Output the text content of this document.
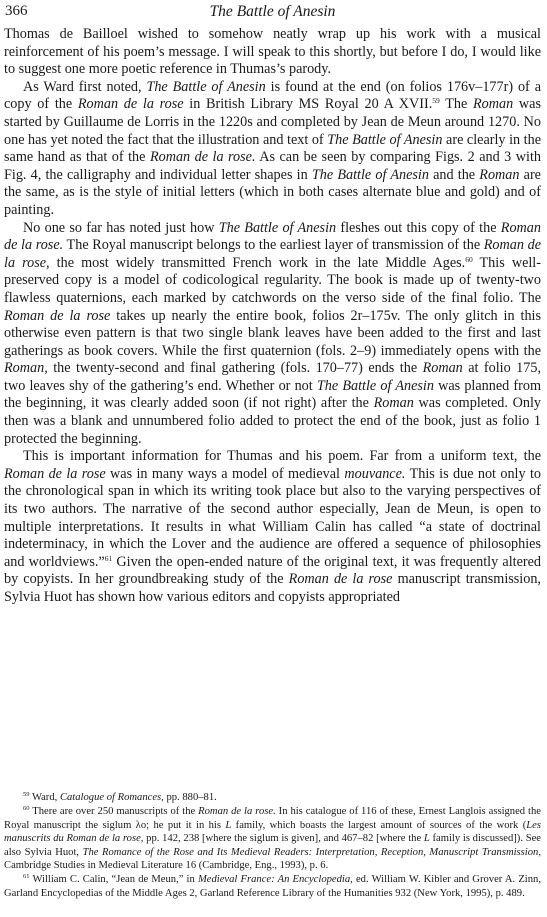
366	The Battle of Anesin

Thomas de Bailloel wished to somehow neatly wrap up his work with a musical reinforcement of his poem’s message. I will speak to this shortly, but before I do, I would like to suggest one more poetic reference in Thumas’s parody.

As Ward first noted, The Battle of Anesin is found at the end (on folios 176v–177r) of a copy of the Roman de la rose in British Library MS Royal 20 A XVII.$^{59}$ The Roman was started by Guillaume de Lorris in the 1220s and completed by Jean de Meun around 1270. No one has yet noted the fact that the illustration and text of The Battle of Anesin are clearly in the same hand as that of the Roman de la rose. As can be seen by comparing Figs. 2 and 3 with Fig. 4, the calligraphy and individual letter shapes in The Battle of Anesin and the Roman are the same, as is the style of initial letters (which in both cases alternate blue and gold) and of painting.

No one so far has noted just how The Battle of Anesin fleshes out this copy of the Roman de la rose. The Royal manuscript belongs to the earliest layer of transmission of the Roman de la rose, the most widely transmitted French work in the late Middle Ages.$^{60}$ This well-preserved copy is a model of codicological regularity. The book is made up of twenty-two flawless quaternions, each marked by catchwords on the verso side of the final folio. The Roman de la rose takes up nearly the entire book, folios 2r–175v. The only glitch in this otherwise even pattern is that two single blank leaves have been added to the first and last gatherings as book covers. While the first quaternion (fols. 2–9) immediately opens with the Roman, the twenty-second and final gathering (fols. 170–77) ends the Roman at folio 175, two leaves shy of the gathering’s end. Whether or not The Battle of Anesin was planned from the beginning, it was clearly added soon (if not right) after the Roman was completed. Only then was a blank and unnumbered folio added to protect the end of the book, just as folio 1 protected the beginning.

This is important information for Thumas and his poem. Far from a uniform text, the Roman de la rose was in many ways a model of medieval mouvance. This is due not only to the chronological span in which its writing took place but also to the varying perspectives of its two authors. The narrative of the second author especially, Jean de Meun, is open to multiple interpretations. It results in what William Calin has called “a state of doctrinal indeterminacy, in which the Lover and the audience are offered a sequence of philosophies and worldviews.”$^{61}$ Given the open-ended nature of the original text, it was frequently altered by copyists. In her groundbreaking study of the Roman de la rose manuscript transmission, Sylvia Huot has shown how various editors and copyists appropriated

$^{59}$ Ward, Catalogue of Romances, pp. 880–81.

$^{60}$ There are over 250 manuscripts of the Roman de la rose. In his catalogue of 116 of these, Ernest Langlois assigned the Royal manuscript the siglum λo; he put it in his L family, which boasts the largest amount of sources of the work (Les manuscrits du Roman de la rose, pp. 142, 238 [where the siglum is given], and 467–82 [where the L family is discussed]). See also Sylvia Huot, The Romance of the Rose and Its Medieval Readers: Interpretation, Reception, Manuscript Transmission, Cambridge Studies in Medieval Literature 16 (Cambridge, Eng., 1993), p. 6.

$^{61}$ William C. Calin, “Jean de Meun,” in Medieval France: An Encyclopedia, ed. William W. Kibler and Grover A. Zinn, Garland Encyclopedias of the Middle Ages 2, Garland Reference Library of the Humanities 932 (New York, 1995), p. 489.
